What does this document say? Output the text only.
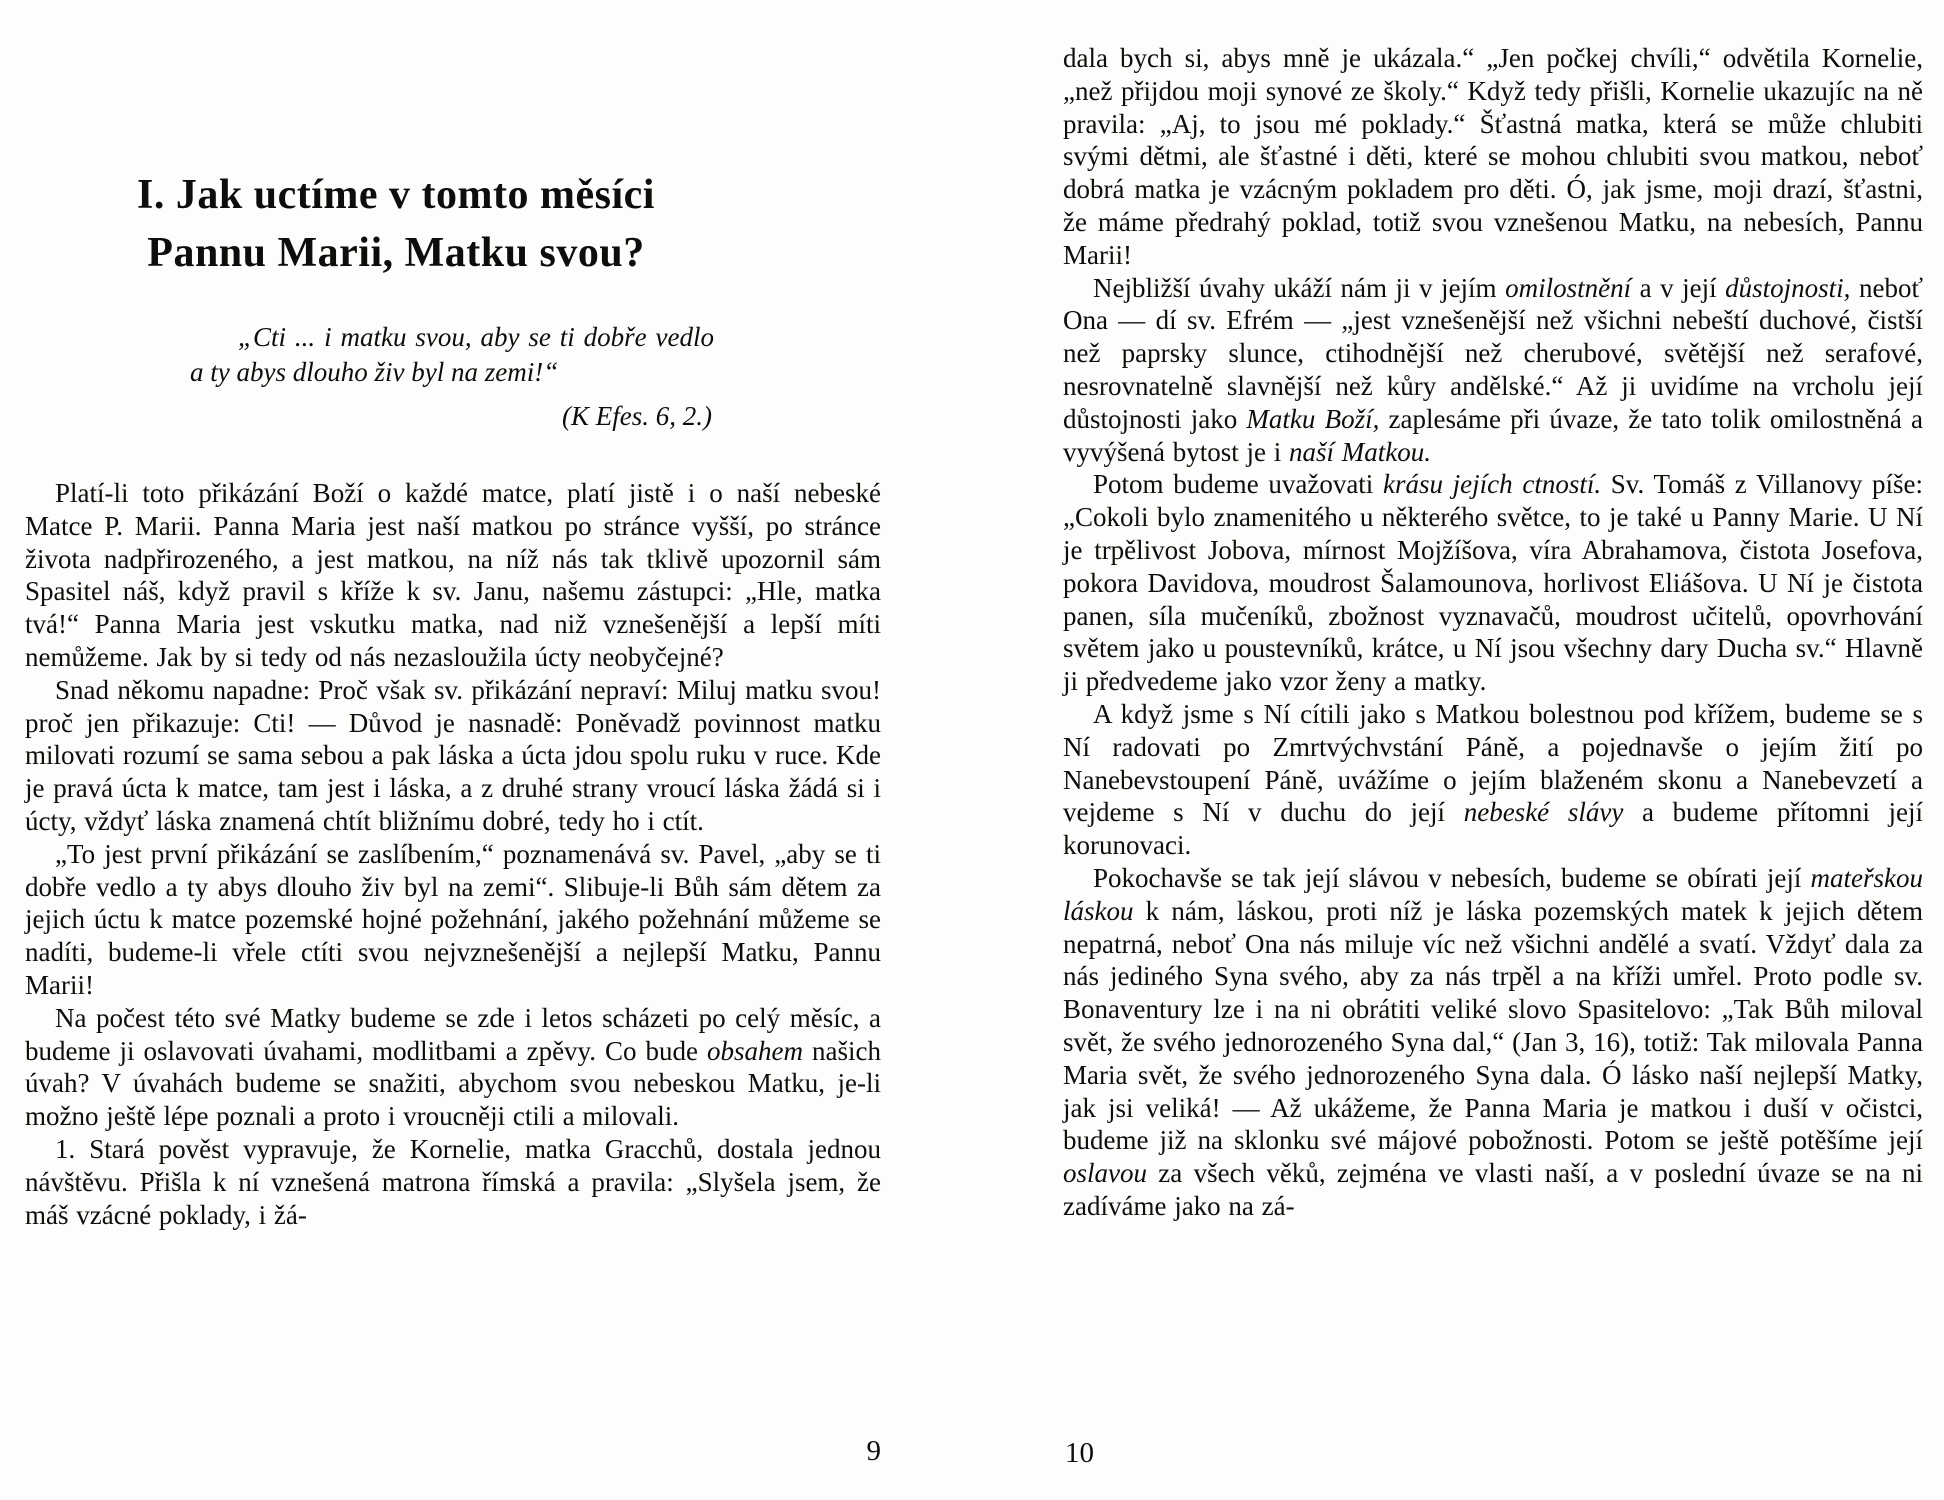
I. Jak uctíme v tomto měsíci
Pannu Marii, Matku svou?
„Cti ... i matku svou, aby se ti dobře vedlo a ty abys dlouho živ byl na zemi!“
(K Efes. 6, 2.)

Platí-li toto přikázání Boží o každé matce, platí jistě i o naší nebeské Matce P. Marii. Panna Maria jest naší matkou po stránce vyšší, po stránce života nadpřirozeného, a jest matkou, na níž nás tak tklivě upozornil sám Spasitel náš, když pravil s kříže k sv. Janu, našemu zástupci: „Hle, matka tvá!“ Panna Maria jest vskutku matka, nad niž vznešenější a lepší míti nemůžeme. Jak by si tedy od nás nezasloužila úcty neobyčejné?

Snad někomu napadne: Proč však sv. přikázání nepraví: Miluj matku svou! proč jen přikazuje: Cti! — Důvod je nasnadě: Poněvadž povinnost matku milovati rozumí se sama sebou a pak láska a úcta jdou spolu ruku v ruce. Kde je pravá úcta k matce, tam jest i láska, a z druhé strany vroucí láska žádá si i úcty, vždyť láska znamená chtít bližnímu dobré, tedy ho i ctít.

„To jest první přikázání se zaslíbením,“ poznamenává sv. Pavel, „aby se ti dobře vedlo a ty abys dlouho živ byl na zemi“. Slibuje-li Bůh sám dětem za jejich úctu k matce pozemské hojné požehnání, jakého požehnání můžeme se nadíti, budeme-li vřele ctíti svou nejvznešenější a nejlepší Matku, Pannu Marii!

Na počest této své Matky budeme se zde i letos scházeti po celý měsíc, a budeme ji oslavovati úvahami, modlitbami a zpěvy. Co bude obsahem našich úvah? V úvahách budeme se snažiti, abychom svou nebeskou Matku, je-li možno ještě lépe poznali a proto i vroucněji ctili a milovali.

1. Stará pověst vypravuje, že Kornelie, matka Gracchů, dostala jednou návštěvu. Přišla k ní vznešená matrona římská a pravila: „Slyšela jsem, že máš vzácné poklady, i žá-

9

dala bych si, abys mně je ukázala.“ „Jen počkej chvíli,“ odvětila Kornelie, „než přijdou moji synové ze školy.“ Když tedy přišli, Kornelie ukazujíc na ně pravila: „Aj, to jsou mé poklady.“ Šťastná matka, která se může chlubiti svými dětmi, ale šťastné i děti, které se mohou chlubiti svou matkou, neboť dobrá matka je vzácným pokladem pro děti. Ó, jak jsme, moji drazí, šťastni, že máme předrahý poklad, totiž svou vznešenou Matku, na nebesích, Pannu Marii!

Nejbližší úvahy ukáží nám ji v jejím omilostnění a v její důstojnosti, neboť Ona — dí sv. Efrém — „jest vznešenější než všichni nebeští duchové, čistší než paprsky slunce, ctihodnější než cherubové, světější než serafové, nesrovnatelně slavnější než kůry andělské.“ Až ji uvidíme na vrcholu její důstojnosti jako Matku Boží, zaplesáme při úvaze, že tato tolik omilostněná a vyvýšená bytost je i naší Matkou.

Potom budeme uvažovati krásu jejích ctností. Sv. Tomáš z Villanovy píše: „Cokoli bylo znamenitého u některého světce, to je také u Panny Marie. U Ní je trpělivost Jobova, mírnost Mojžíšova, víra Abrahamova, čistota Josefova, pokora Davidova, moudrost Šalamounova, horlivost Eliášova. U Ní je čistota panen, síla mučeníků, zbožnost vyznavačů, moudrost učitelů, opovrhování světem jako u poustevníků, krátce, u Ní jsou všechny dary Ducha sv.“ Hlavně ji předvedeme jako vzor ženy a matky.

A když jsme s Ní cítili jako s Matkou bolestnou pod křížem, budeme se s Ní radovati po Zmrtvýchvstání Páně, a pojednavše o jejím žití po Nanebevstoupení Páně, uvážíme o jejím blaženém skonu a Nanebevzetí a vejdeme s Ní v duchu do její nebeské slávy a budeme přítomni její korunovaci.

Pokochavše se tak její slávou v nebesích, budeme se obírati její mateřskou láskou k nám, láskou, proti níž je láska pozemských matek k jejich dětem nepatrná, neboť Ona nás miluje víc než všichni andělé a svatí. Vždyť dala za nás jediného Syna svého, aby za nás trpěl a na kříži umřel. Proto podle sv. Bonaventury lze i na ni obrátiti veliké slovo Spasitelovo: „Tak Bůh miloval svět, že svého jednorozeného Syna dal,“ (Jan 3, 16), totiž: Tak milovala Panna Maria svět, že svého jednorozeného Syna dala. Ó lásko naší nejlepší Matky, jak jsi veliká! — Až ukážeme, že Panna Maria je matkou i duší v očistci, budeme již na sklonku své májové pobožnosti. Potom se ještě potěšíme její oslavou za všech věků, zejména ve vlasti naší, a v poslední úvaze se na ni zadíváme jako na zá-

10
